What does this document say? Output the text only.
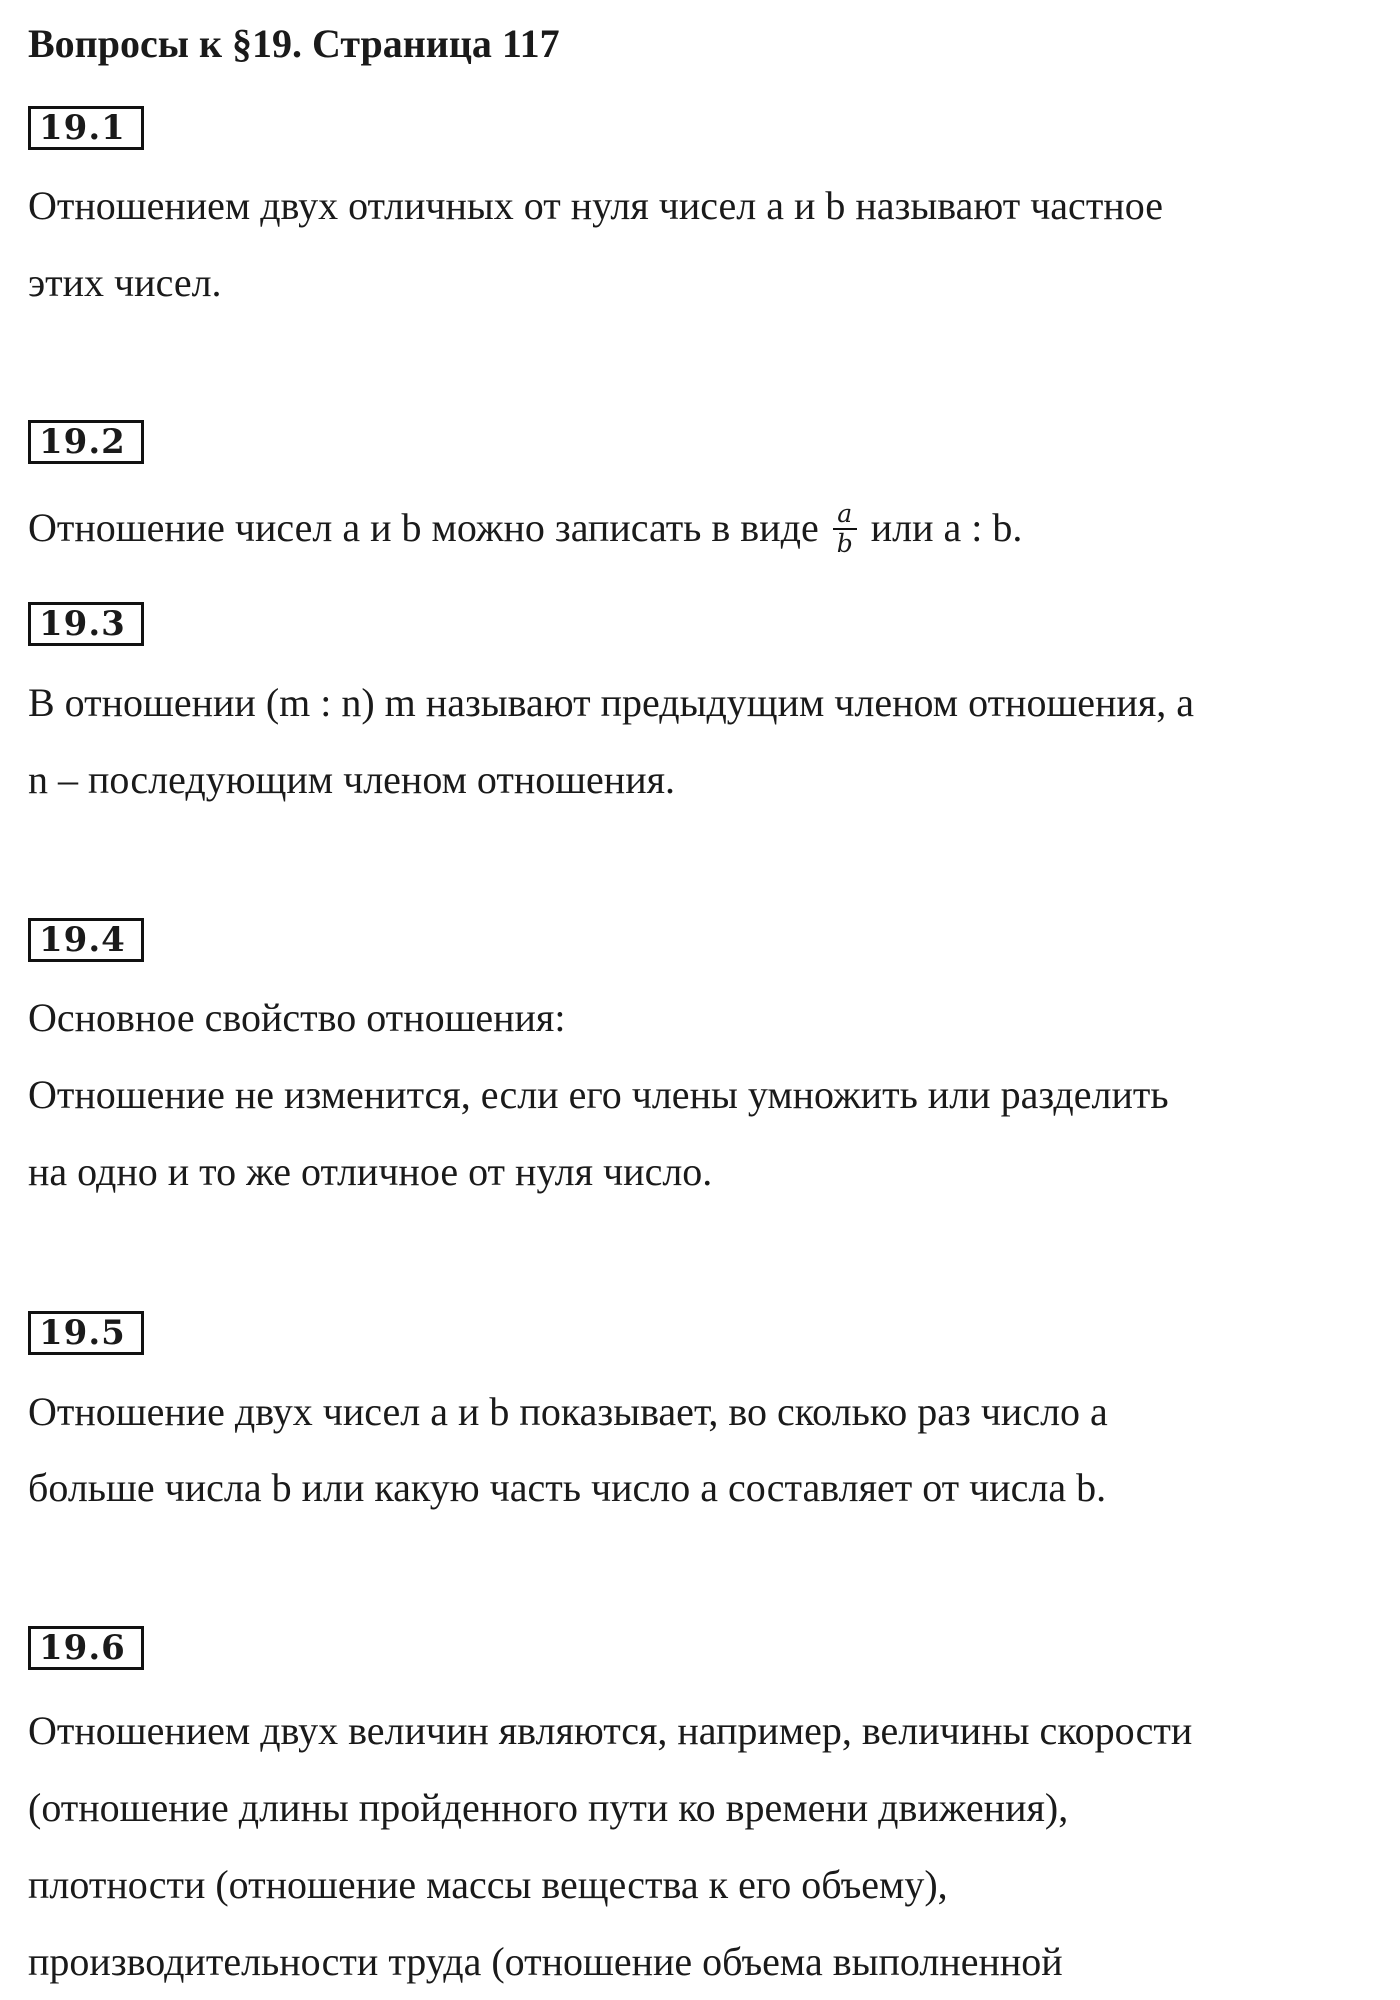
Вопросы к §19. Страница 117
19.1
Отношением двух отличных от нуля чисел a и b называют частное
этих чисел.
19.2
Отношение чисел a и b можно записать в виде $\frac{a}{b}$ или a : b.
19.3
В отношении (m : n) m называют предыдущим членом отношения, a
n – последующим членом отношения.
19.4
Основное свойство отношения:
Отношение не изменится, если его члены умножить или разделить
на одно и то же отличное от нуля число.
19.5
Отношение двух чисел a и b показывает, во сколько раз число a
больше числа b или какую часть число a составляет от числа b.
19.6
Отношением двух величин являются, например, величины скорости
(отношение длины пройденного пути ко времени движения),
плотности (отношение массы вещества к его объему),
производительности труда (отношение объема выполненной
